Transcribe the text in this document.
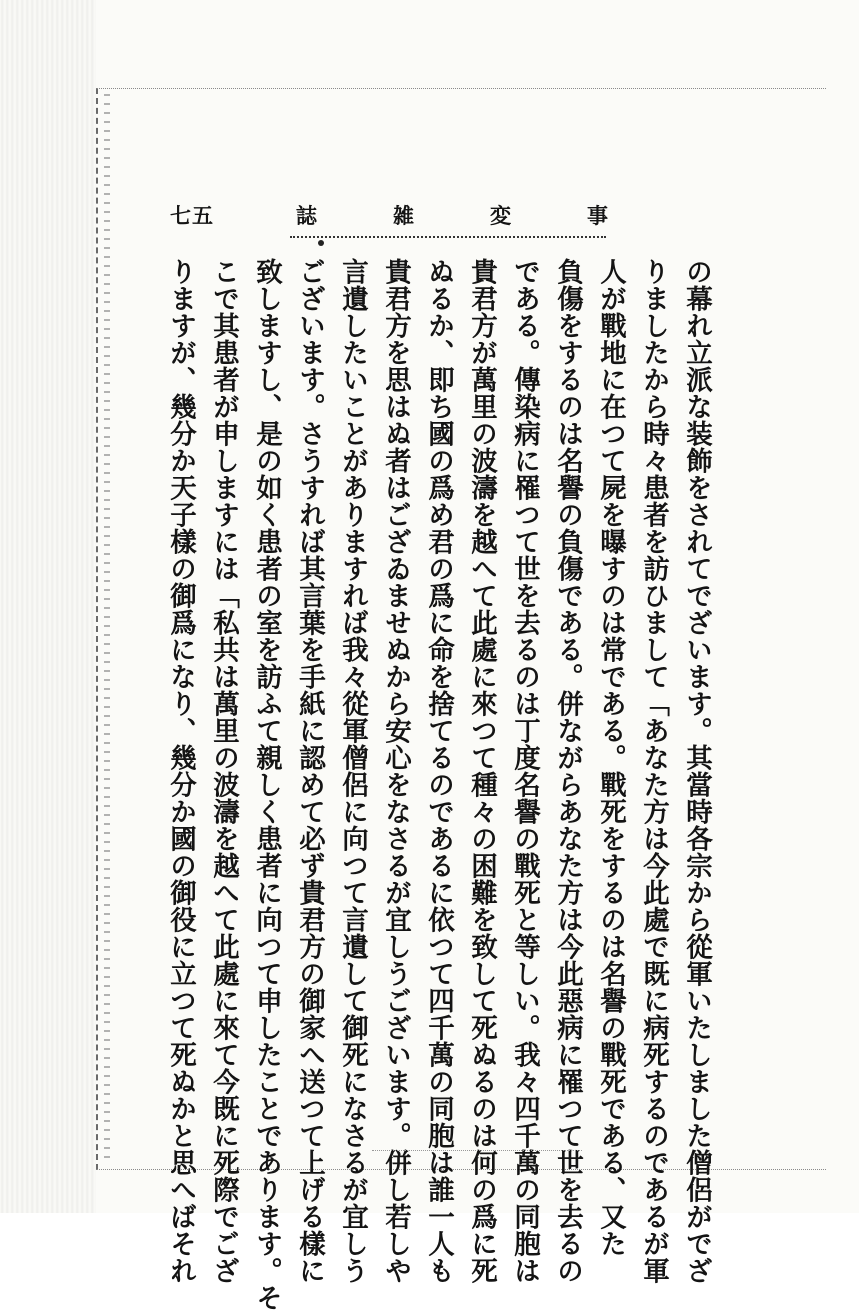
事
変
雑
誌
七五
の幕れ立派な装飾をされてでざいます。其當時各宗から從軍いたしました僧侶がでざ
りましたから時々患者を訪ひまして「あなた方は今此處で既に病死するのであるが軍
人が戰地に在つて屍を曝すのは常である。戰死をするのは名譽の戰死である、又た
負傷をするのは名譽の負傷である。併ながらあなた方は今此惡病に罹つて世を去るの
である。傳染病に罹つて世を去るのは丁度名譽の戰死と等しい。我々四千萬の同胞は
貴君方が萬里の波濤を越へて此處に來つて種々の困難を致して死ぬるのは何の爲に死
ぬるか、即ち國の爲め君の爲に命を捨てるのであるに依つて四千萬の同胞は誰一人も
貴君方を思はぬ者はござゐませぬから安心をなさるが宜しうございます。併し若しや
言遺したいことがありますれば我々從軍僧侶に向つて言遺して御死になさるが宜しう
ございます。さうすれば其言葉を手紙に認めて必ず貴君方の御家へ送つて上げる樣に
致しますし、是の如く患者の室を訪ふて親しく患者に向つて申したことであります。そ
こで其患者が申しますには「私共は萬里の波濤を越へて此處に來て今既に死際でござ
りますが、幾分か天子樣の御爲になり、幾分か國の御役に立つて死ぬかと思へばそれ
